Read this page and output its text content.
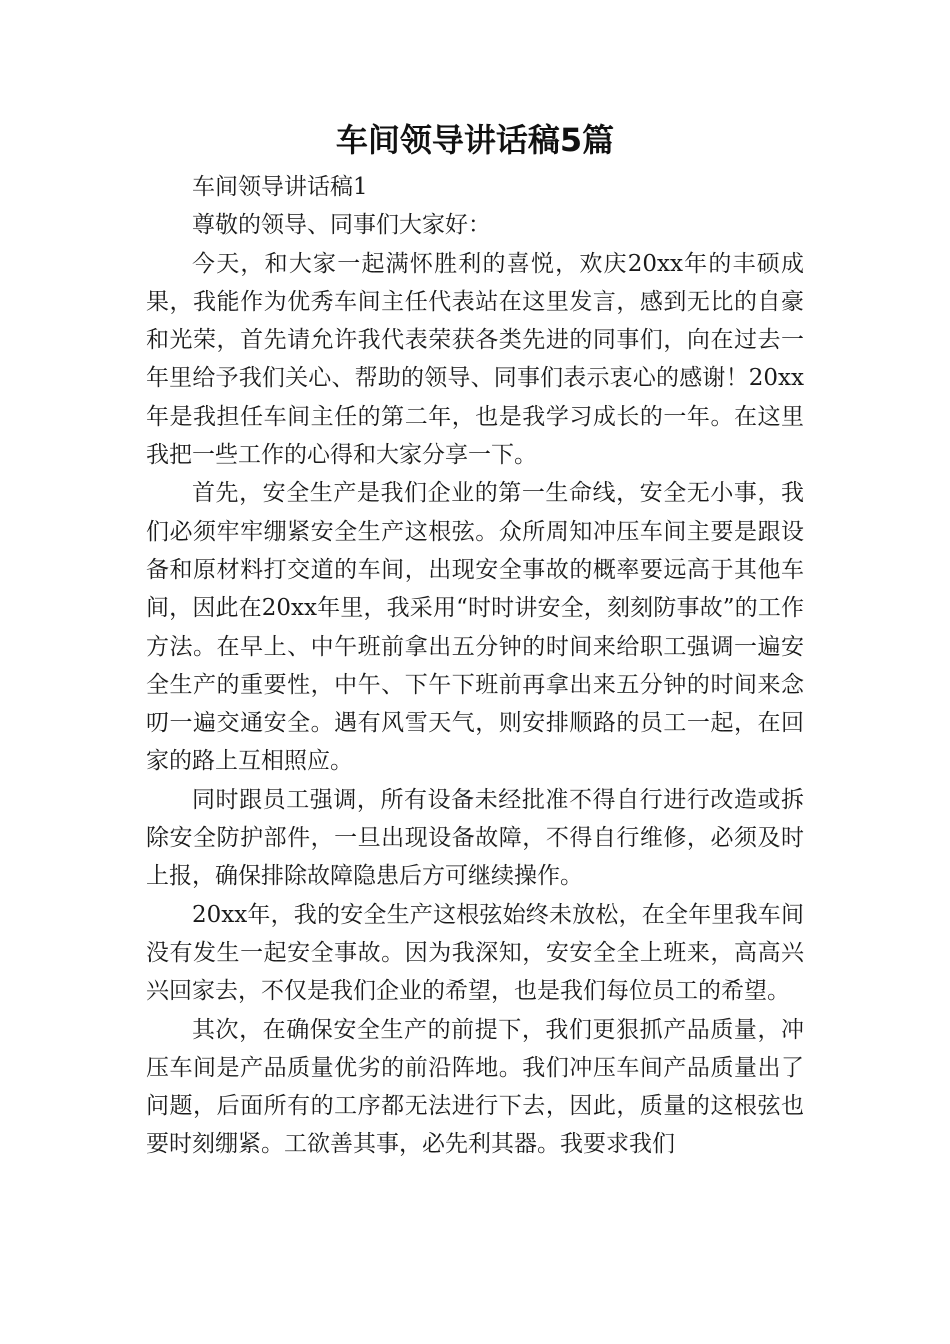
车间领导讲话稿5篇

车间领导讲话稿1

尊敬的领导、同事们大家好：

今天，和大家一起满怀胜利的喜悦，欢庆20xx年的丰硕成果，我能作为优秀车间主任代表站在这里发言，感到无比的自豪和光荣，首先请允许我代表荣获各类先进的同事们，向在过去一年里给予我们关心、帮助的领导、同事们表示衷心的感谢！20xx年是我担任车间主任的第二年，也是我学习成长的一年。在这里我把一些工作的心得和大家分享一下。

首先，安全生产是我们企业的第一生命线，安全无小事，我们必须牢牢绷紧安全生产这根弦。众所周知冲压车间主要是跟设备和原材料打交道的车间，出现安全事故的概率要远高于其他车间，因此在20xx年里，我采用“时时讲安全，刻刻防事故”的工作方法。在早上、中午班前拿出五分钟的时间来给职工强调一遍安全生产的重要性，中午、下午下班前再拿出来五分钟的时间来念叨一遍交通安全。遇有风雪天气，则安排顺路的员工一起，在回家的路上互相照应。

同时跟员工强调，所有设备未经批准不得自行进行改造或拆除安全防护部件，一旦出现设备故障，不得自行维修，必须及时上报，确保排除故障隐患后方可继续操作。

20xx年，我的安全生产这根弦始终未放松，在全年里我车间没有发生一起安全事故。因为我深知，安安全全上班来，高高兴兴回家去，不仅是我们企业的希望，也是我们每位员工的希望。

其次，在确保安全生产的前提下，我们更狠抓产品质量，冲压车间是产品质量优劣的前沿阵地。我们冲压车间产品质量出了问题，后面所有的工序都无法进行下去，因此，质量的这根弦也要时刻绷紧。工欲善其事，必先利其器。我要求我们
